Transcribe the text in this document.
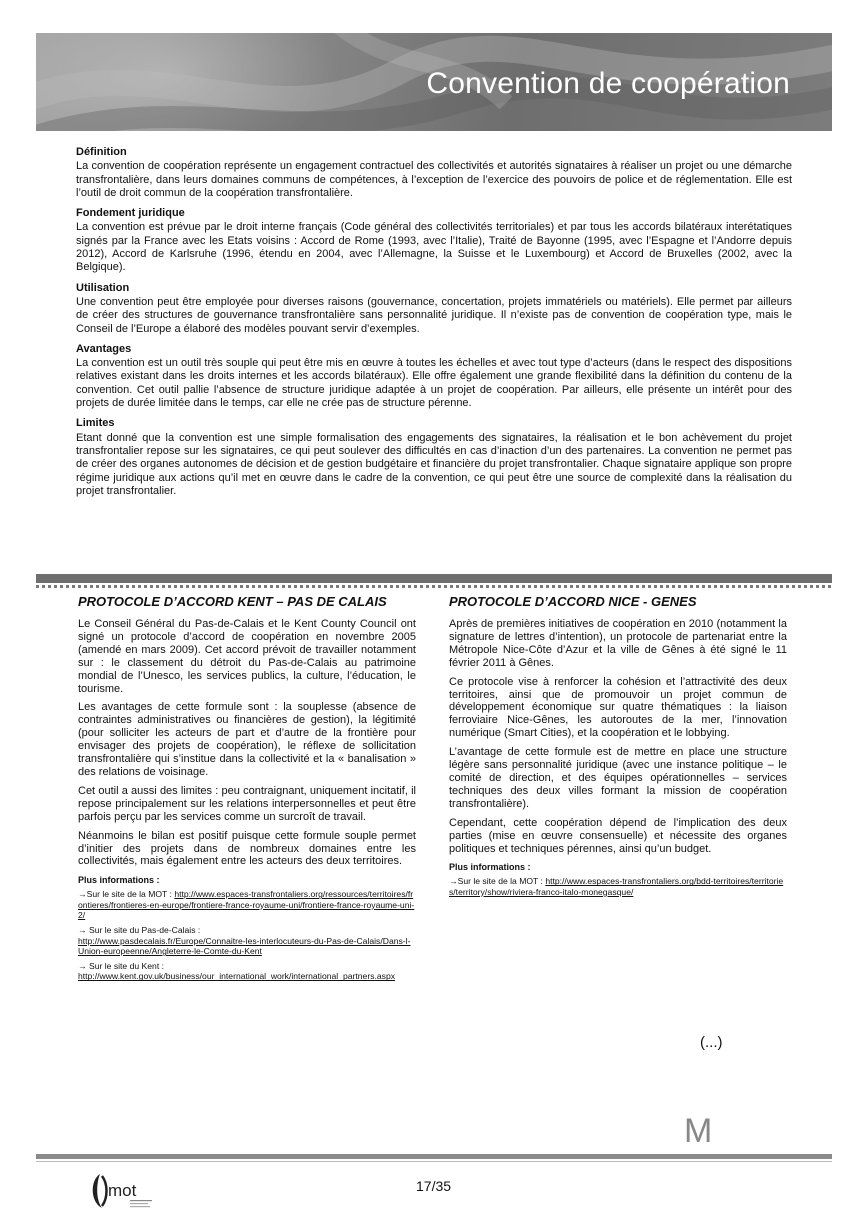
Convention de coopération
Définition

La convention de coopération représente un engagement contractuel des collectivités et autorités signataires à réaliser un projet ou une démarche transfrontalière, dans leurs domaines communs de compétences, à l’exception de l’exercice des pouvoirs de police et de réglementation. Elle est l’outil de droit commun de la coopération transfrontalière.

Fondement juridique

La convention est prévue par le droit interne français (Code général des collectivités territoriales) et par tous les accords bilatéraux interétatiques signés par la France avec les Etats voisins : Accord de Rome (1993, avec l’Italie), Traité de Bayonne (1995, avec l’Espagne et l’Andorre depuis 2012), Accord de Karlsruhe (1996, étendu en 2004, avec l’Allemagne, la Suisse et le Luxembourg) et Accord de Bruxelles (2002, avec la Belgique).

Utilisation

Une convention peut être employée pour diverses raisons (gouvernance, concertation, projets immatériels ou matériels). Elle permet par ailleurs de créer des structures de gouvernance transfrontalière sans personnalité juridique. Il n’existe pas de convention de coopération type, mais le Conseil de l’Europe a élaboré des modèles pouvant servir d’exemples.

Avantages

La convention est un outil très souple qui peut être mis en œuvre à toutes les échelles et avec tout type d’acteurs (dans le respect des dispositions relatives existant dans les droits internes et les accords bilatéraux). Elle offre également une grande flexibilité dans la définition du contenu de la convention. Cet outil pallie l’absence de structure juridique adaptée à un projet de coopération. Par ailleurs, elle présente un intérêt pour des projets de durée limitée dans le temps, car elle ne crée pas de structure pérenne.

Limites

Etant donné que la convention est une simple formalisation des engagements des signataires, la réalisation et le bon achèvement du projet transfrontalier repose sur les signataires, ce qui peut soulever des difficultés en cas d’inaction d’un des partenaires. La convention ne permet pas de créer des organes autonomes de décision et de gestion budgétaire et financière du projet transfrontalier. Chaque signataire applique son propre régime juridique aux actions qu’il met en œuvre dans le cadre de la convention, ce qui peut être une source de complexité dans la réalisation du projet transfrontalier.

PROTOCOLE D’ACCORD KENT – PAS DE CALAIS

Le Conseil Général du Pas-de-Calais et le Kent County Council ont signé un protocole d’accord de coopération en novembre 2005 (amendé en mars 2009). Cet accord prévoit de travailler notamment sur : le classement du détroit du Pas-de-Calais au patrimoine mondial de l’Unesco, les services publics, la culture, l’éducation, le tourisme.

Les avantages de cette formule sont : la souplesse (absence de contraintes administratives ou financières de gestion), la légitimité (pour solliciter les acteurs de part et d’autre de la frontière pour envisager des projets de coopération), le réflexe de sollicitation transfrontalière qui s’institue dans la collectivité et la « banalisation » des relations de voisinage.

Cet outil a aussi des limites : peu contraignant, uniquement incitatif, il repose principalement sur les relations interpersonnelles et peut être parfois perçu par les services comme un surcroît de travail.

Néanmoins le bilan est positif puisque cette formule souple permet d’initier des projets dans de nombreux domaines entre les collectivités, mais également entre les acteurs des deux territoires.

Plus informations :
→Sur le site de la MOT : http://www.espaces-transfrontaliers.org/ressources/territoires/frontieres/frontieres-en-europe/frontiere-france-royaume-uni/frontiere-france-royaume-uni-2/
→ Sur le site du Pas-de-Calais :
http://www.pasdecalais.fr/Europe/Connaitre-les-interlocuteurs-du-Pas-de-Calais/Dans-l-Union-europeenne/Angleterre-le-Comte-du-Kent
→ Sur le site du Kent :
http://www.kent.gov.uk/business/our_international_work/international_partners.aspx
PROTOCOLE D’ACCORD NICE - GENES

Après de premières initiatives de coopération en 2010 (notamment la signature de lettres d’intention), un protocole de partenariat entre la Métropole Nice-Côte d’Azur et la ville de Gênes à été signé le 11 février 2011 à Gênes.

Ce protocole vise à renforcer la cohésion et l’attractivité des deux territoires, ainsi que de promouvoir un projet commun de développement économique sur quatre thématiques : la liaison ferroviaire Nice-Gênes, les autoroutes de la mer, l’innovation numérique (Smart Cities), et la coopération et le lobbying.

L’avantage de cette formule est de mettre en place une structure légère sans personnalité juridique (avec une instance politique – le comité de direction, et des équipes opérationnelles – services techniques des deux villes formant la mission de coopération transfrontalière).

Cependant, cette coopération dépend de l’implication des deux parties (mise en œuvre consensuelle) et nécessite des organes politiques et techniques pérennes, ainsi qu’un budget.

Plus informations :
→Sur le site de la MOT : http://www.espaces-transfrontaliers.org/bdd-territoires/territories/territory/show/riviera-franco-italo-monegasque/
(...)
M
mot	17/35
